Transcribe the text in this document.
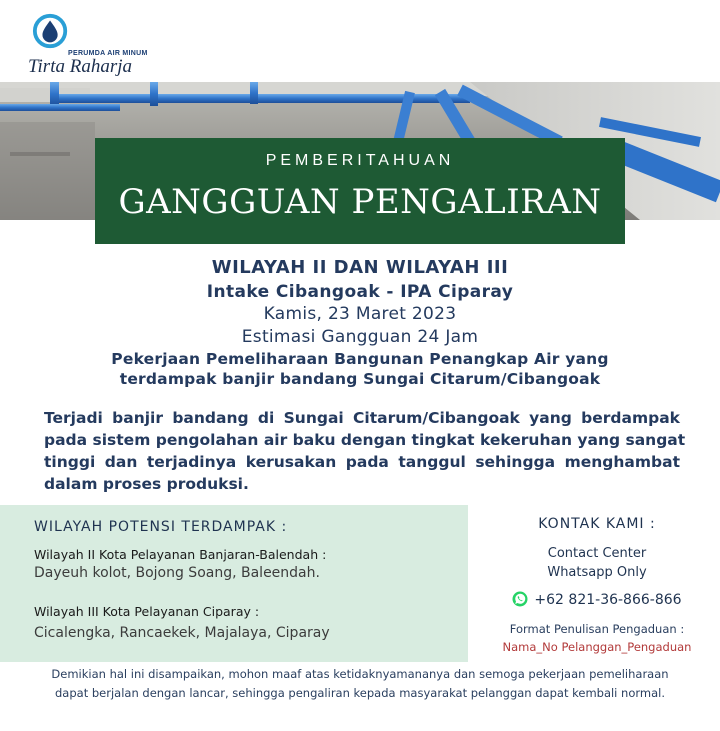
PERUMDA AIR MINUM
Tirta Raharja
PEMBERITAHUAN
GANGGUAN PENGALIRAN
WILAYAH II DAN WILAYAH III
Intake Cibangoak - IPA Ciparay
Kamis, 23 Maret 2023
Estimasi Gangguan 24 Jam
Pekerjaan Pemeliharaan Bangunan Penangkap Air yang
terdampak banjir bandang Sungai Citarum/Cibangoak
Terjadi banjir bandang di Sungai Citarum/Cibangoak yang berdampak
pada sistem pengolahan air baku dengan tingkat kekeruhan yang sangat
tinggi dan terjadinya kerusakan pada tanggul sehingga menghambat
dalam proses produksi.
WILAYAH POTENSI TERDAMPAK :
Wilayah II Kota Pelayanan Banjaran-Balendah :
Dayeuh kolot, Bojong Soang, Baleendah.
Wilayah III Kota Pelayanan Ciparay :
Cicalengka, Rancaekek, Majalaya, Ciparay
KONTAK KAMI :
Contact Center
Whatsapp Only
+62 821-36-866-866
Format Penulisan Pengaduan :
Nama_No Pelanggan_Pengaduan
Demikian hal ini disampaikan, mohon maaf atas ketidaknyamananya dan semoga pekerjaan pemeliharaan
dapat berjalan dengan lancar, sehingga pengaliran kepada masyarakat pelanggan dapat kembali normal.
